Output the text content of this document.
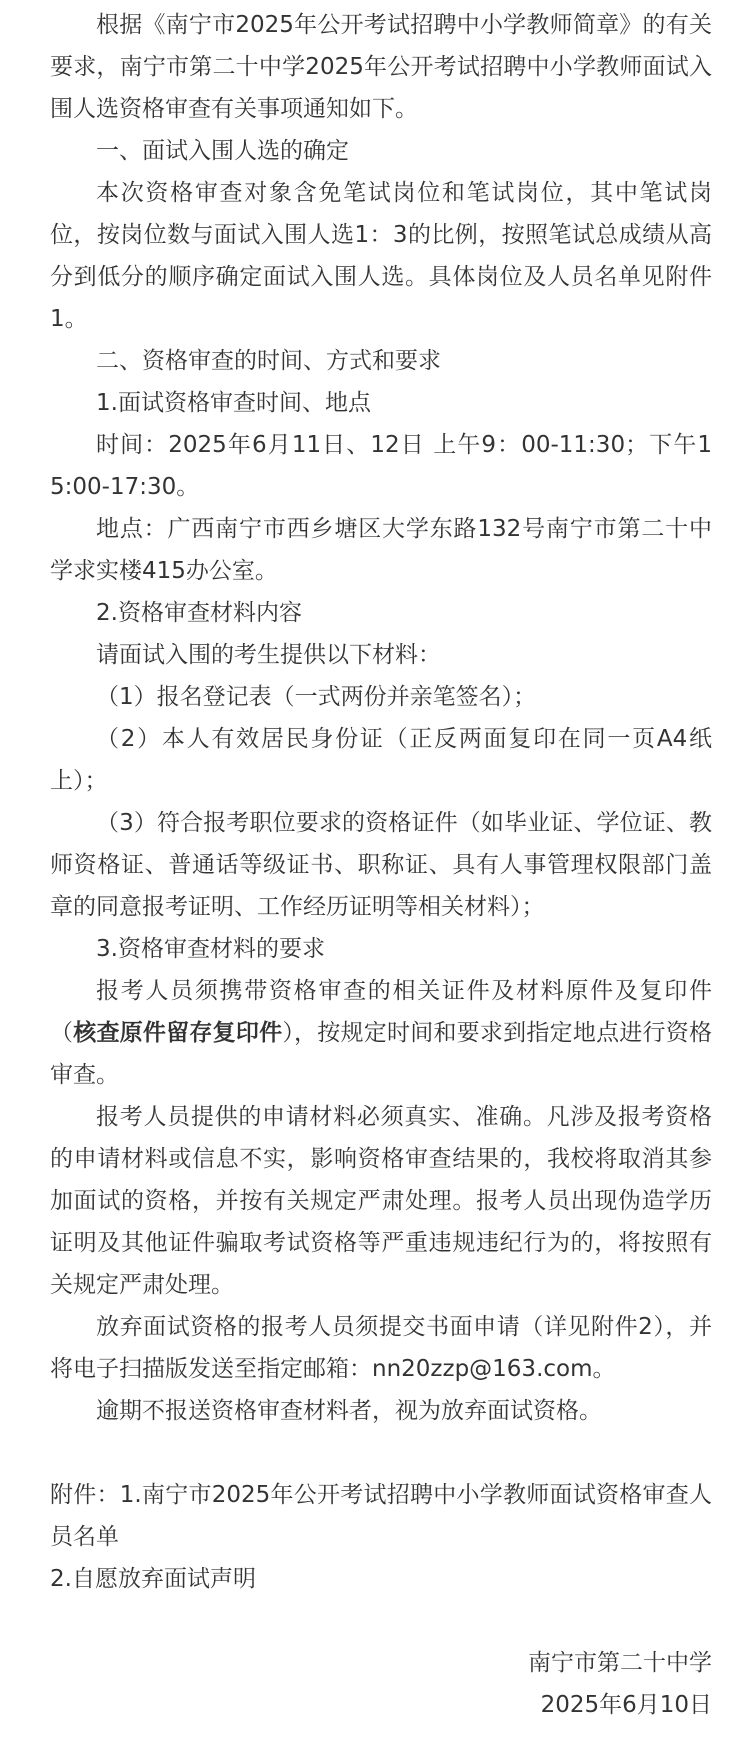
根据《南宁市2025年公开考试招聘中小学教师简章》的有关要求，南宁市第二十中学2025年公开考试招聘中小学教师面试入围人选资格审查有关事项通知如下。

一、面试入围人选的确定

本次资格审查对象含免笔试岗位和笔试岗位，其中笔试岗位，按岗位数与面试入围人选1：3的比例，按照笔试总成绩从高分到低分的顺序确定面试入围人选。具体岗位及人员名单见附件1。

二、资格审查的时间、方式和要求
1.面试资格审查时间、地点

时间：2025年6月11日、12日 上午9：00-11:30；下午15:00-17:30。

地点：广西南宁市西乡塘区大学东路132号南宁市第二十中学求实楼415办公室。

2.资格审查材料内容

请面试入围的考生提供以下材料：

（1）报名登记表（一式两份并亲笔签名）；

（2）本人有效居民身份证（正反两面复印在同一页A4纸上）；

（3）符合报考职位要求的资格证件（如毕业证、学位证、教师资格证、普通话等级证书、职称证、具有人事管理权限部门盖章的同意报考证明、工作经历证明等相关材料）；

3.资格审查材料的要求

报考人员须携带资格审查的相关证件及材料原件及复印件（核查原件留存复印件），按规定时间和要求到指定地点进行资格审查。

报考人员提供的申请材料必须真实、准确。凡涉及报考资格的申请材料或信息不实，影响资格审查结果的，我校将取消其参加面试的资格，并按有关规定严肃处理。报考人员出现伪造学历证明及其他证件骗取考试资格等严重违规违纪行为的，将按照有关规定严肃处理。

放弃面试资格的报考人员须提交书面申请（详见附件2），并将电子扫描版发送至指定邮箱：nn20zzp@163.com。

逾期不报送资格审查材料者，视为放弃面试资格。

附件：1.南宁市2025年公开考试招聘中小学教师面试资格审查人员名单

2.自愿放弃面试声明

南宁市第二十中学

2025年6月10日
